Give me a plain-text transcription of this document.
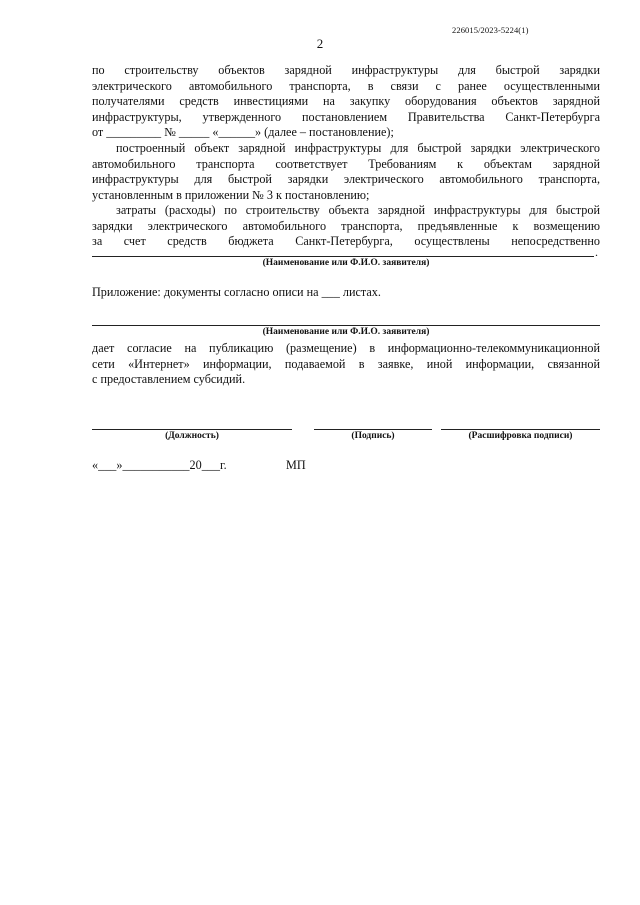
226015/2023-5224(1)
2
по строительству объектов зарядной инфраструктуры для быстрой зарядки
электрического автомобильного транспорта, в связи с ранее осуществленными
получателями средств инвестициями на закупку оборудования объектов зарядной
инфраструктуры, утвержденного постановлением Правительства Санкт-Петербурга
от _________ № _____ «______» (далее – постановление);
построенный объект зарядной инфраструктуры для быстрой зарядки электрического
автомобильного транспорта соответствует Требованиям к объектам зарядной
инфраструктуры для быстрой зарядки электрического автомобильного транспорта,
установленным в приложении № 3 к постановлению;
затраты (расходы) по строительству объекта зарядной инфраструктуры для быстрой
зарядки электрического автомобильного транспорта, предъявленные к возмещению
за счет средств бюджета Санкт-Петербурга, осуществлены непосредственно
.
(Наименование или Ф.И.О. заявителя)
Приложение: документы согласно описи на ___ листах.
(Наименование или Ф.И.О. заявителя)
дает согласие на публикацию (размещение) в информационно-телекоммуникационной
сети «Интернет» информации, подаваемой в заявке, иной информации, связанной
с предоставлением субсидий.
(Должность)	(Подпись)	(Расшифровка подписи)
«___»___________20___г.	МП
